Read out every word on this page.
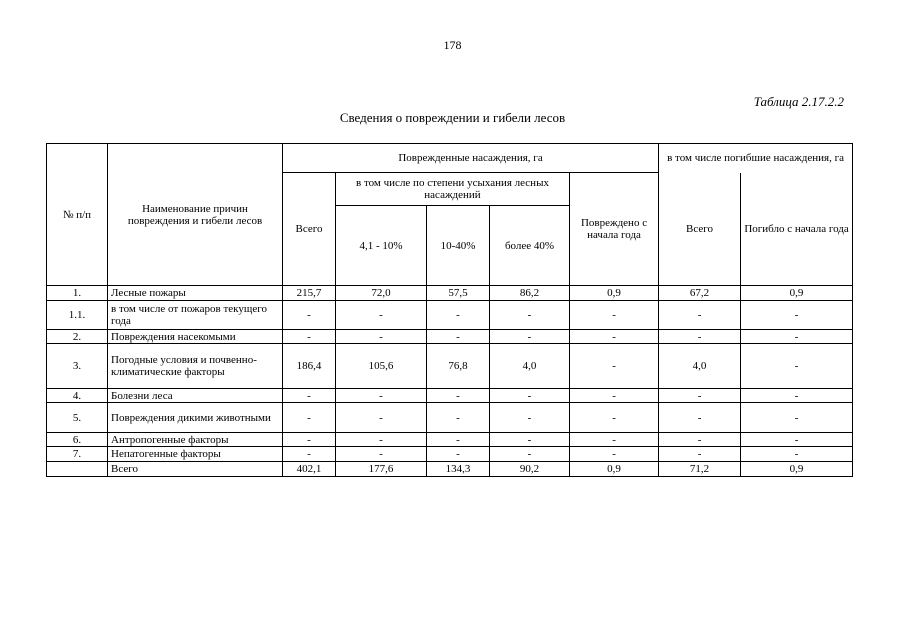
178
Таблица 2.17.2.2
Сведения о повреждении и гибели лесов
№ п/п	Наименование причин повреждения и гибели лесов	Поврежденные насаждения, га					в том числе погибшие насаждения, га	
		Всего	в том числе по степени усыхания лесных насаждений			Повреждено с начала года	Всего	Погибло с начала года
			4,1 - 10%	10-40%	более 40%			
1.	Лесные пожары	215,7	72,0	57,5	86,2	0,9	67,2	0,9
1.1.	в том числе от пожаров текущего года	-	-	-	-	-	-	-
2.	Повреждения насекомыми	-	-	-	-	-	-	-
3.	Погодные условия и почвенно-климатические факторы	186,4	105,6	76,8	4,0	-	4,0	-
4.	Болезни леса	-	-	-	-	-	-	-
5.	Повреждения дикими животными	-	-	-	-	-	-	-
6.	Антропогенные факторы	-	-	-	-	-	-	-
7.	Непатогенные факторы	-	-	-	-	-	-	-
	Всего	402,1	177,6	134,3	90,2	0,9	71,2	0,9
